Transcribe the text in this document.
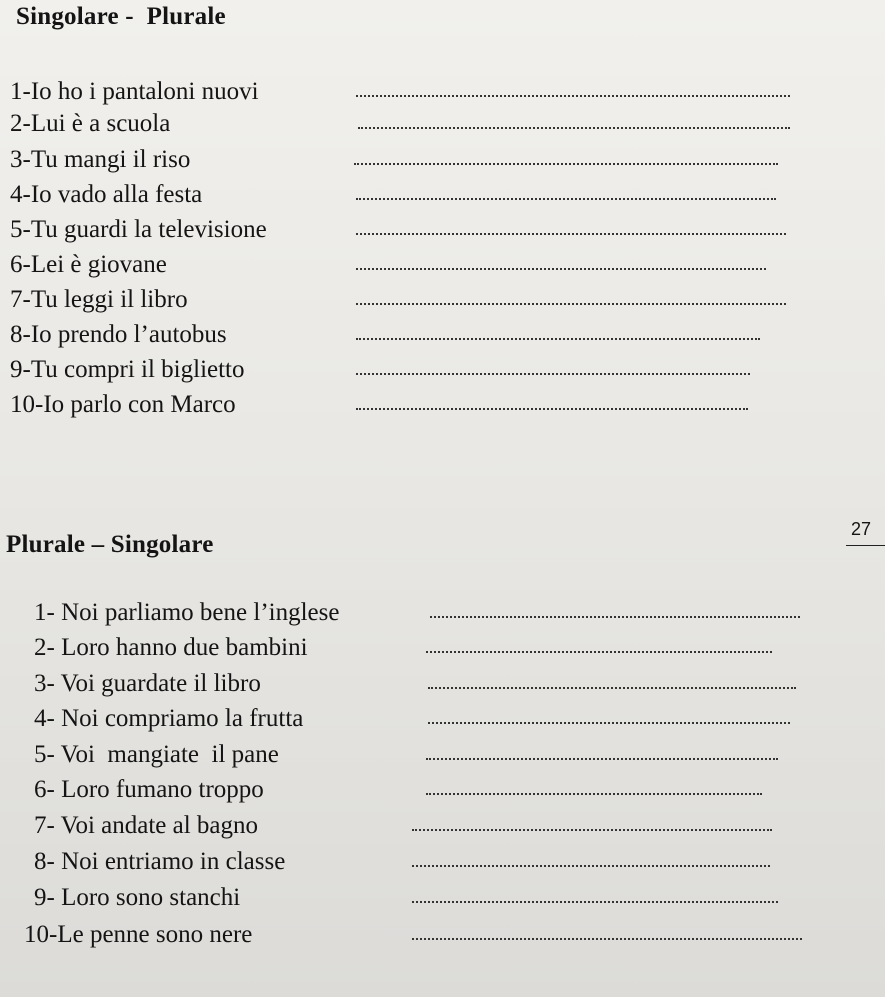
Singolare -  Plurale
1-Io ho i pantaloni nuovi
2-Lui è a scuola
3-Tu mangi il riso
4-Io vado alla festa
5-Tu guardi la televisione
6-Lei è giovane
7-Tu leggi il libro
8-Io prendo l’autobus
9-Tu compri il biglietto
10-Io parlo con Marco
Plurale – Singolare
27
1- Noi parliamo bene l’inglese
2- Loro hanno due bambini
3- Voi guardate il libro
4- Noi compriamo la frutta
5- Voi  mangiate  il pane
6- Loro fumano troppo
7- Voi andate al bagno
8- Noi entriamo in classe
9- Loro sono stanchi
10-Le penne sono nere
